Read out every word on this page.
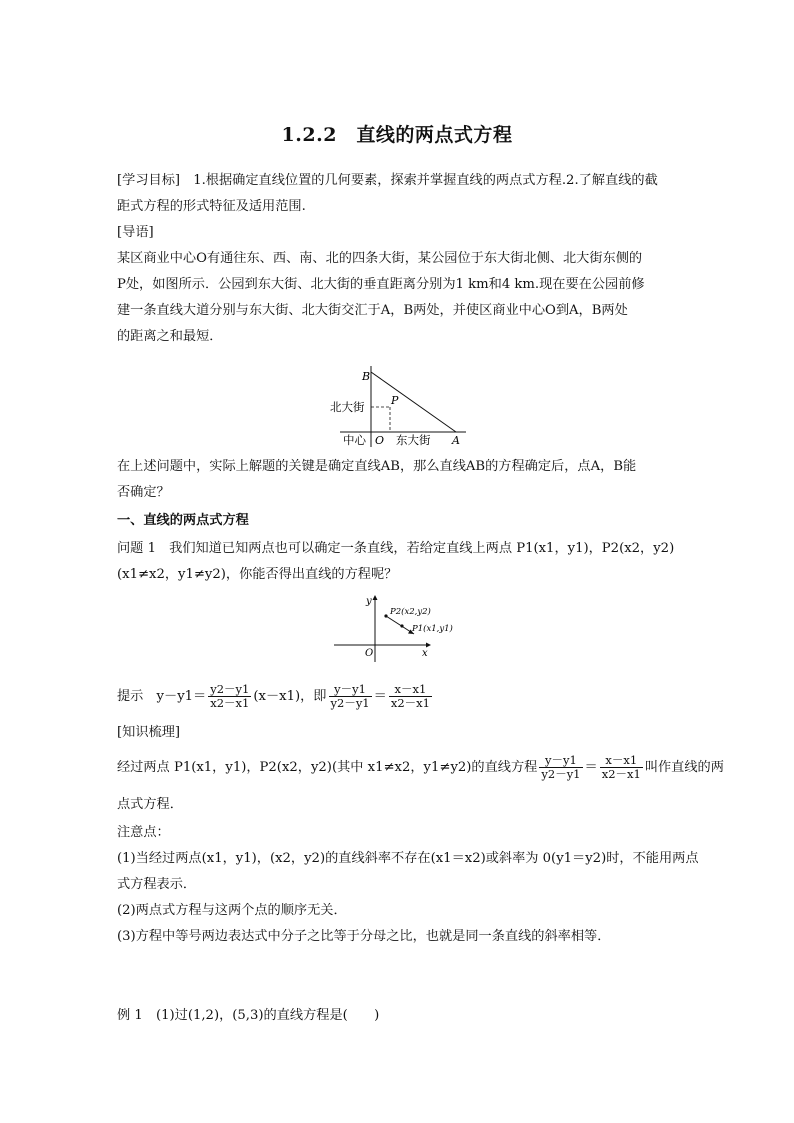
1.2.2　直线的两点式方程
[学习目标]　1.根据确定直线位置的几何要素，探索并掌握直线的两点式方程.2.了解直线的截
距式方程的形式特征及适用范围.
[导语]
某区商业中心O有通往东、西、南、北的四条大街，某公园位于东大街北侧、北大街东侧的
P处，如图所示．公园到东大街、北大街的垂直距离分别为1 km和4 km.现在要在公园前修
建一条直线大道分别与东大街、北大街交汇于A，B两处，并使区商业中心O到A，B两处
的距离之和最短．
B
P
A
O
北大街
中心	东大街
在上述问题中，实际上解题的关键是确定直线AB，那么直线AB的方程确定后，点A，B能
否确定？
一、直线的两点式方程
问题 1　我们知道已知两点也可以确定一条直线，若给定直线上两点 P1(x1，y1)，P2(x2，y2)
(x1≠x2，y1≠y2)，你能否得出直线的方程呢？
y
x
O
P2(x2,y2)
P1(x1,y1)
提示　$y-y1= \frac{y2-y1}{x2-x1} (x-x1)$，即 $\frac{y-y1}{y2-y1} = \frac{x-x1}{x2-x1}$
[知识梳理]
经过两点 P1(x1，y1)，P2(x2，y2)(其中 x1≠x2，y1≠y2)的直线方程 $\frac{y-y1}{y2-y1} = \frac{x-x1}{x2-x1}$ 叫作直线的两
点式方程．
注意点：
(1)当经过两点(x1，y1)，(x2，y2)的直线斜率不存在(x1＝x2)或斜率为 0(y1＝y2)时，不能用两点
式方程表示．
(2)两点式方程与这两个点的顺序无关．
(3)方程中等号两边表达式中分子之比等于分母之比，也就是同一条直线的斜率相等．
例 1　(1)过(1,2)，(5,3)的直线方程是(　　)
